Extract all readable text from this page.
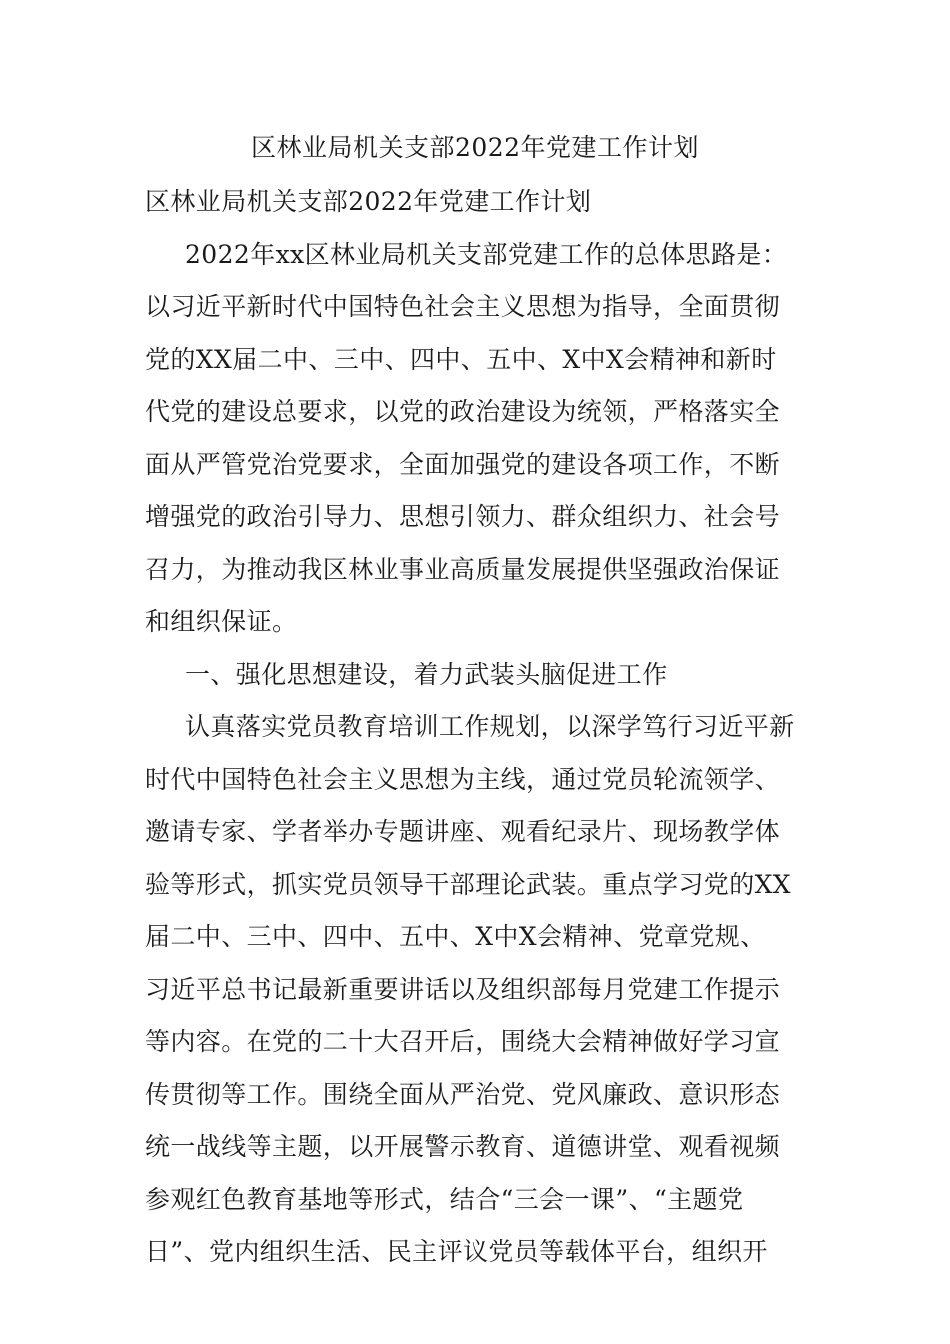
区林业局机关支部2022年党建工作计划
区林业局机关支部2022年党建工作计划
2022年xx区林业局机关支部党建工作的总体思路是：
以习近平新时代中国特色社会主义思想为指导，全面贯彻
党的XX届二中、三中、四中、五中、X中X会精神和新时
代党的建设总要求，以党的政治建设为统领，严格落实全
面从严管党治党要求，全面加强党的建设各项工作，不断
增强党的政治引导力、思想引领力、群众组织力、社会号
召力，为推动我区林业事业高质量发展提供坚强政治保证
和组织保证。
一、强化思想建设，着力武装头脑促进工作
认真落实党员教育培训工作规划，以深学笃行习近平新
时代中国特色社会主义思想为主线，通过党员轮流领学、
邀请专家、学者举办专题讲座、观看纪录片、现场教学体
验等形式，抓实党员领导干部理论武装。重点学习党的XX
届二中、三中、四中、五中、X中X会精神、党章党规、
习近平总书记最新重要讲话以及组织部每月党建工作提示
等内容。在党的二十大召开后，围绕大会精神做好学习宣
传贯彻等工作。围绕全面从严治党、党风廉政、意识形态
统一战线等主题，以开展警示教育、道德讲堂、观看视频
参观红色教育基地等形式，结合“三会一课”、“主题党
日”、党内组织生活、民主评议党员等载体平台，组织开
